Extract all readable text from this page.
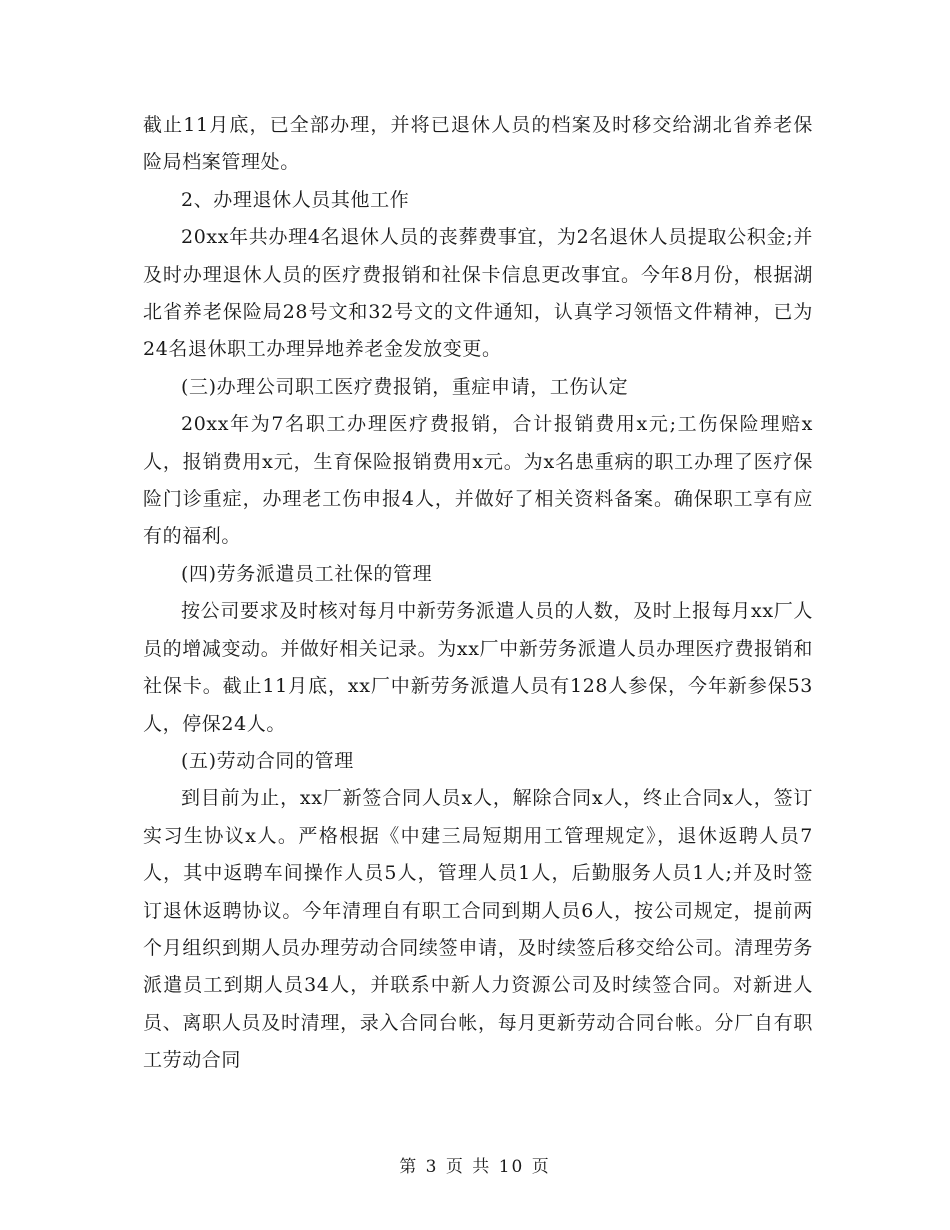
截止11月底，已全部办理，并将已退休人员的档案及时移交给湖北省养老保险局档案管理处。

2、办理退休人员其他工作

20xx年共办理4名退休人员的丧葬费事宜，为2名退休人员提取公积金;并及时办理退休人员的医疗费报销和社保卡信息更改事宜。今年8月份，根据湖北省养老保险局28号文和32号文的文件通知，认真学习领悟文件精神，已为24名退休职工办理异地养老金发放变更。

(三)办理公司职工医疗费报销，重症申请，工伤认定

20xx年为7名职工办理医疗费报销，合计报销费用x元;工伤保险理赔x人，报销费用x元，生育保险报销费用x元。为x名患重病的职工办理了医疗保险门诊重症，办理老工伤申报4人，并做好了相关资料备案。确保职工享有应有的福利。

(四)劳务派遣员工社保的管理

按公司要求及时核对每月中新劳务派遣人员的人数，及时上报每月xx厂人员的增减变动。并做好相关记录。为xx厂中新劳务派遣人员办理医疗费报销和社保卡。截止11月底，xx厂中新劳务派遣人员有128人参保，今年新参保53人，停保24人。

(五)劳动合同的管理

到目前为止，xx厂新签合同人员x人，解除合同x人，终止合同x人，签订实习生协议x人。严格根据《中建三局短期用工管理规定》，退休返聘人员7人，其中返聘车间操作人员5人，管理人员1人，后勤服务人员1人;并及时签订退休返聘协议。今年清理自有职工合同到期人员6人，按公司规定，提前两个月组织到期人员办理劳动合同续签申请，及时续签后移交给公司。清理劳务派遣员工到期人员34人，并联系中新人力资源公司及时续签合同。对新进人员、离职人员及时清理，录入合同台帐，每月更新劳动合同台帐。分厂自有职工劳动合同

第 3 页 共 10 页
